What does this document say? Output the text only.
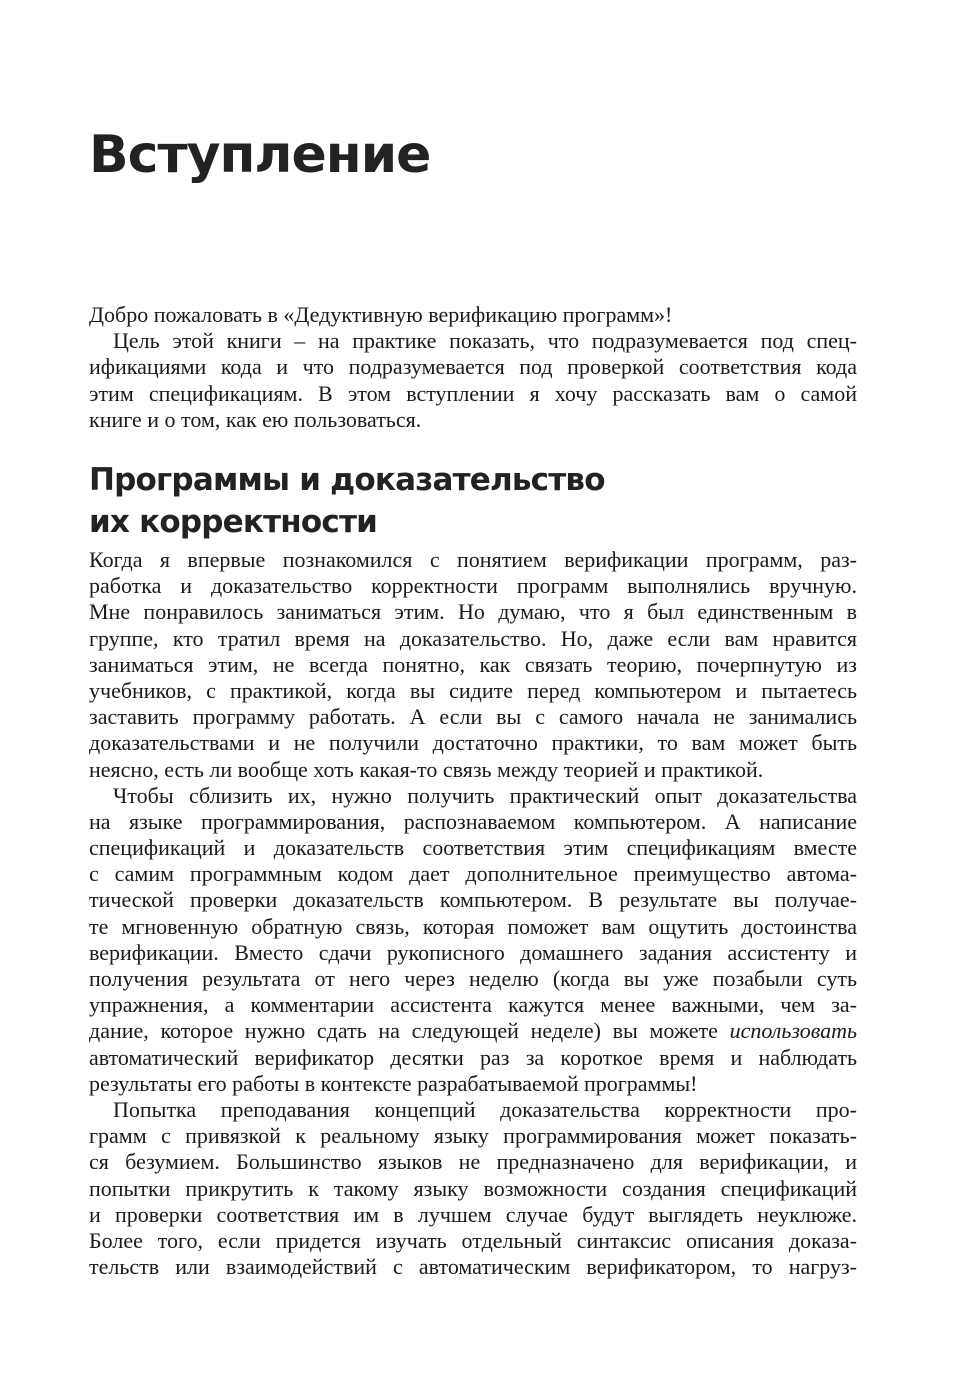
Вступление
Добро пожаловать в «Дедуктивную верификацию программ»!
Цель этой книги – на практике показать, что подразумевается под спец-
ификациями кода и что подразумевается под проверкой соответствия кода
этим спецификациям. В этом вступлении я хочу рассказать вам о самой
книге и о том, как ею пользоваться.
Программы и доказательство
их корректности
Когда я впервые познакомился с понятием верификации программ, раз-
работка и доказательство корректности программ выполнялись вручную.
Мне понравилось заниматься этим. Но думаю, что я был единственным в
группе, кто тратил время на доказательство. Но, даже если вам нравится
заниматься этим, не всегда понятно, как связать теорию, почерпнутую из
учебников, с практикой, когда вы сидите перед компьютером и пытаетесь
заставить программу работать. А если вы с самого начала не занимались
доказательствами и не получили достаточно практики, то вам может быть
неясно, есть ли вообще хоть какая-то связь между теорией и практикой.
Чтобы сблизить их, нужно получить практический опыт доказательства
на языке программирования, распознаваемом компьютером. А написание
спецификаций и доказательств соответствия этим спецификациям вместе
с самим программным кодом дает дополнительное преимущество автома-
тической проверки доказательств компьютером. В результате вы получае-
те мгновенную обратную связь, которая поможет вам ощутить достоинства
верификации. Вместо сдачи рукописного домашнего задания ассистенту и
получения результата от него через неделю (когда вы уже позабыли суть
упражнения, а комментарии ассистента кажутся менее важными, чем за-
дание, которое нужно сдать на следующей неделе) вы можете использовать
автоматический верификатор десятки раз за короткое время и наблюдать
результаты его работы в контексте разрабатываемой программы!
Попытка преподавания концепций доказательства корректности про-
грамм с привязкой к реальному языку программирования может показать-
ся безумием. Большинство языков не предназначено для верификации, и
попытки прикрутить к такому языку возможности создания спецификаций
и проверки соответствия им в лучшем случае будут выглядеть неуклюже.
Более того, если придется изучать отдельный синтаксис описания доказа-
тельств или взаимодействий с автоматическим верификатором, то нагруз-
